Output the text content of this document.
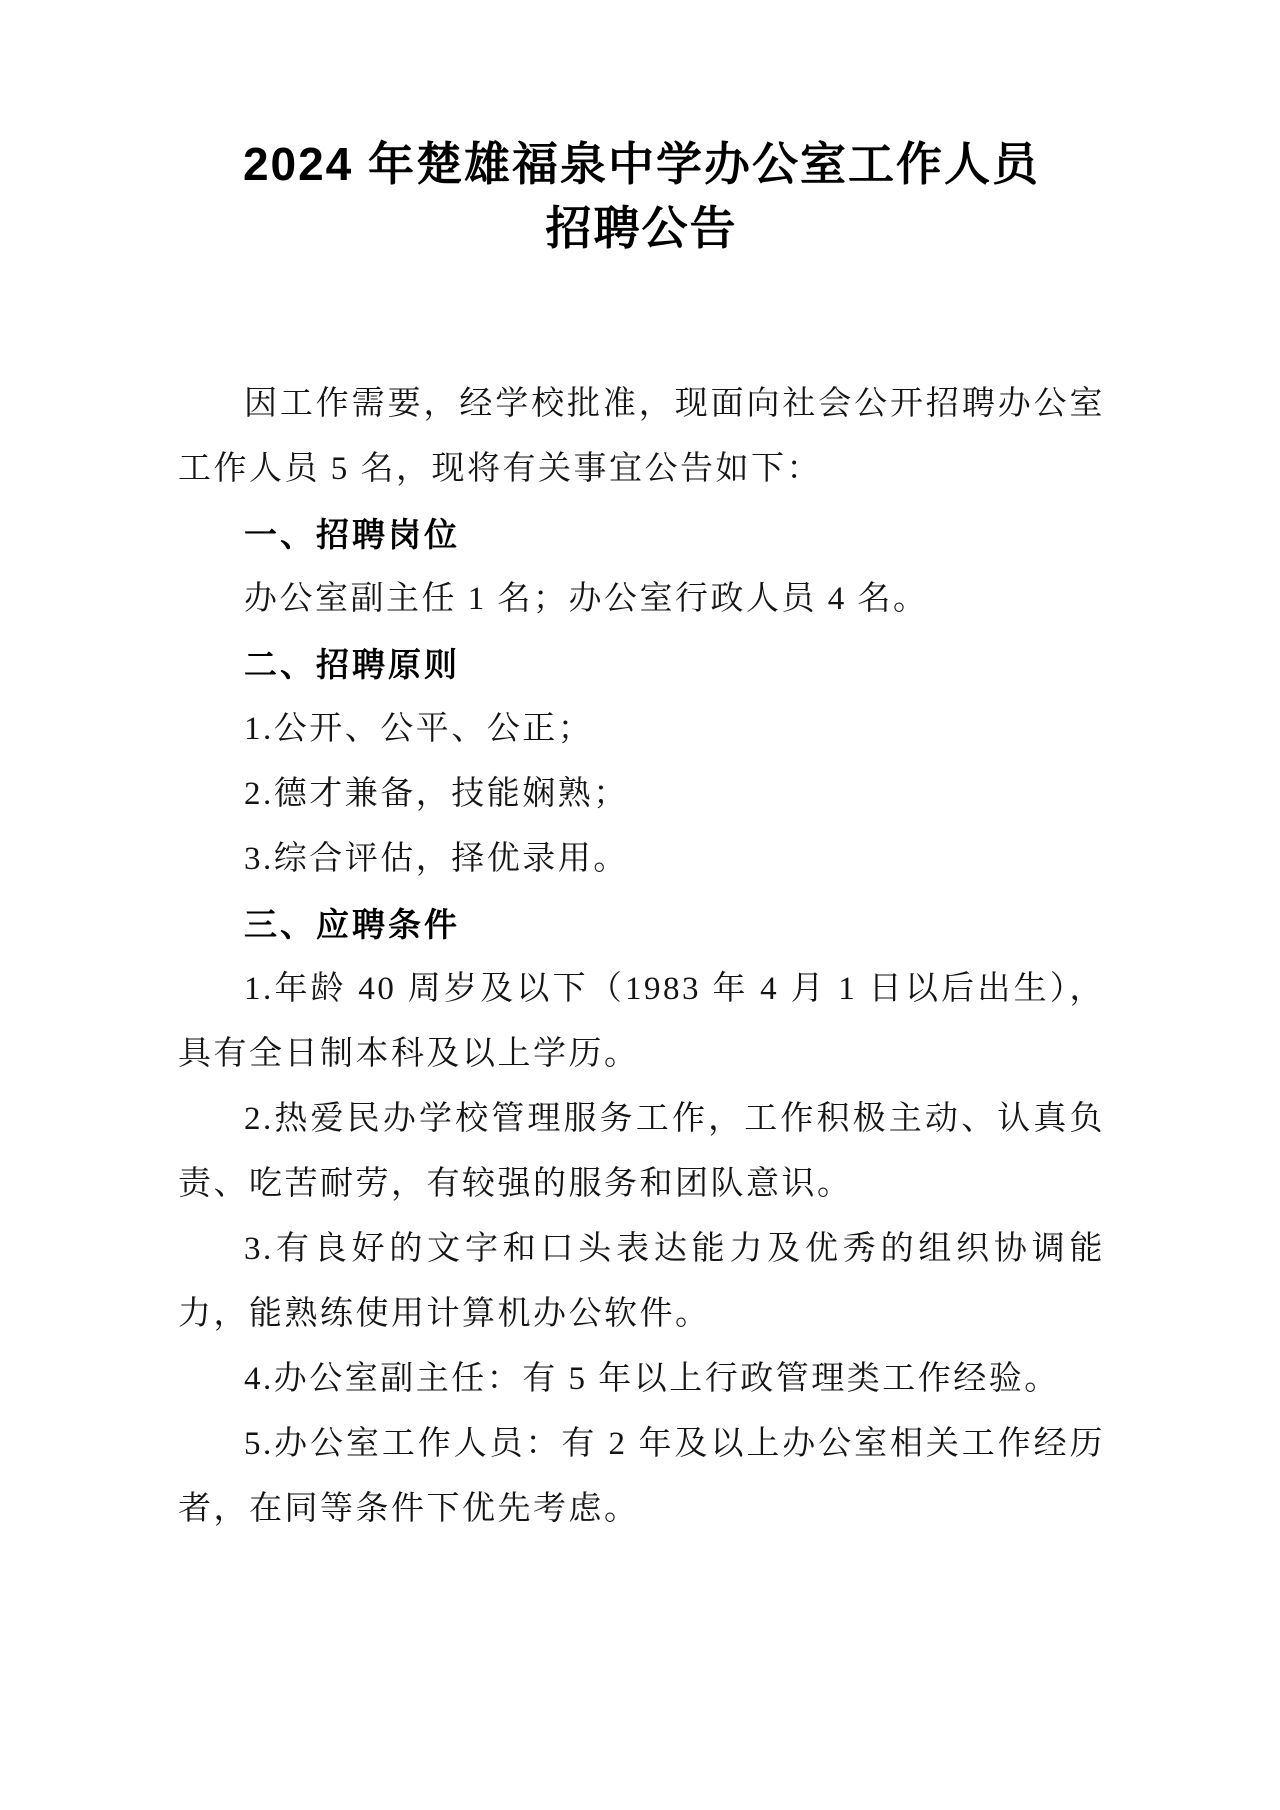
2024 年楚雄福泉中学办公室工作人员
招聘公告

因工作需要，经学校批准，现面向社会公开招聘办公室工作人员 5 名，现将有关事宜公告如下：

一、招聘岗位

办公室副主任 1 名；办公室行政人员 4 名。

二、招聘原则

1.公开、公平、公正；

2.德才兼备，技能娴熟；

3.综合评估，择优录用。

三、应聘条件

1.年龄 40 周岁及以下（1983 年 4 月 1 日以后出生），具有全日制本科及以上学历。

2.热爱民办学校管理服务工作，工作积极主动、认真负责、吃苦耐劳，有较强的服务和团队意识。

3.有良好的文字和口头表达能力及优秀的组织协调能力，能熟练使用计算机办公软件。

4.办公室副主任：有 5 年以上行政管理类工作经验。

5.办公室工作人员：有 2 年及以上办公室相关工作经历者，在同等条件下优先考虑。
